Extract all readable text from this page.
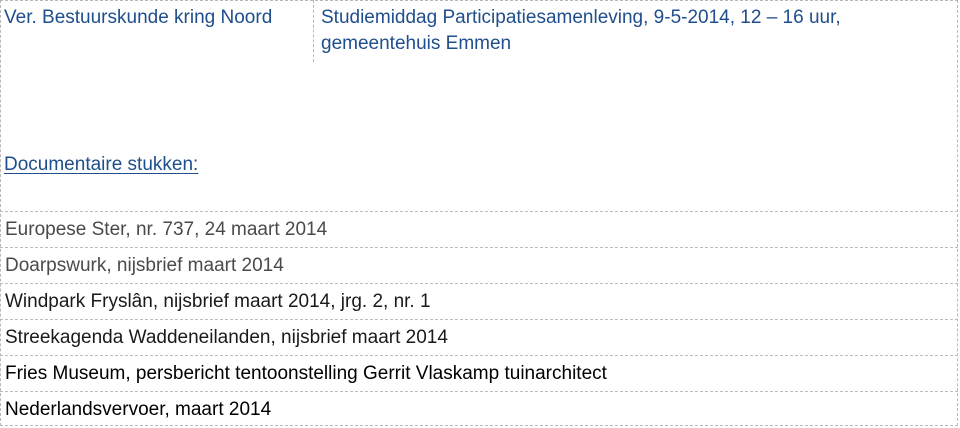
Ver. Bestuurskunde kring Noord	Studiemiddag Participatiesamenleving, 9-5-2014, 12 – 16 uur, gemeentehuis Emmen
Documentaire stukken:
Europese Ster, nr. 737, 24 maart 2014
Doarpswurk, nijsbrief maart 2014
Windpark Fryslân, nijsbrief maart 2014, jrg. 2, nr. 1
Streekagenda Waddeneilanden, nijsbrief maart 2014
Fries Museum, persbericht tentoonstelling Gerrit Vlaskamp tuinarchitect
Nederlandsvervoer, maart 2014
